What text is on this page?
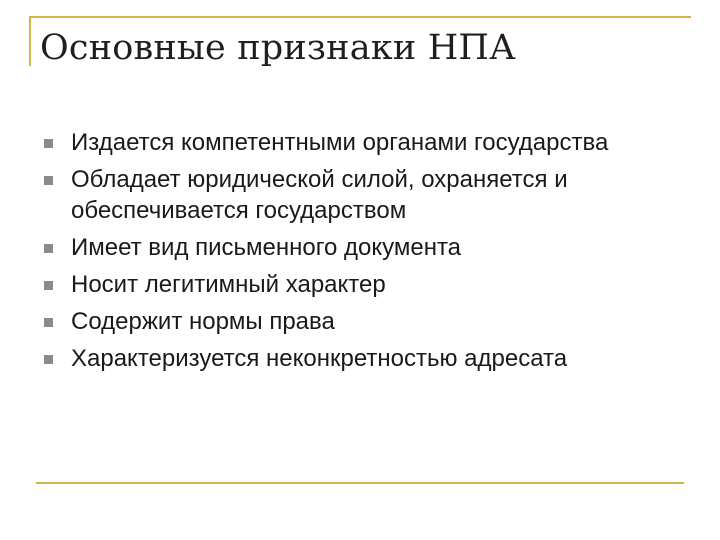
Основные признаки НПА
Издается компетентными органами государства
Обладает юридической силой, охраняется и обеспечивается государством
Имеет вид письменного документа
Носит легитимный характер
Содержит нормы права
Характеризуется неконкретностью адресата
